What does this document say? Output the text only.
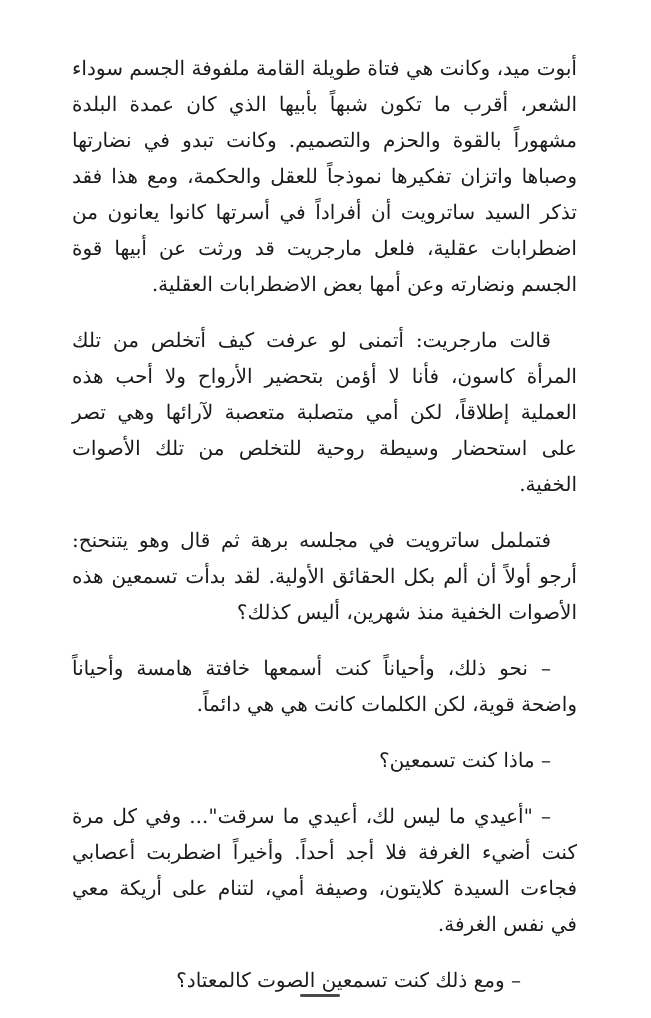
أبوت ميد، وكانت هي فتاة طويلة القامة ملفوفة الجسم سوداء الشعر، أقرب ما تكون شبهاً بأبيها الذي كان عمدة البلدة مشهوراً بالقوة والحزم والتصميم. وكانت تبدو في نضارتها وصباها واتزان تفكيرها نموذجاً للعقل والحكمة، ومع هذا فقد تذكر السيد ساترويت أن أفراداً في أسرتها كانوا يعانون من اضطرابات عقلية، فلعل مارجريت قد ورثت عن أبيها قوة الجسم ونضارته وعن أمها بعض الاضطرابات العقلية.

قالت مارجريت: أتمنى لو عرفت كيف أتخلص من تلك المرأة كاسون، فأنا لا أؤمن بتحضير الأرواح ولا أحب هذه العملية إطلاقاً، لكن أمي متصلبة متعصبة لآرائها وهي تصر على استحضار وسيطة روحية للتخلص من تلك الأصوات الخفية.

فتململ ساترويت في مجلسه برهة ثم قال وهو يتنحنح: أرجو أولاً أن ألم بكل الحقائق الأولية. لقد بدأت تسمعين هذه الأصوات الخفية منذ شهرين، أليس كذلك؟

– نحو ذلك، وأحياناً كنت أسمعها خافتة هامسة وأحياناً واضحة قوية، لكن الكلمات كانت هي هي دائماً.

– ماذا كنت تسمعين؟

– "أعيدي ما ليس لك، أعيدي ما سرقت"... وفي كل مرة كنت أضيء الغرفة فلا أجد أحداً. وأخيراً اضطربت أعصابي فجاءت السيدة كلايتون، وصيفة أمي، لتنام على أريكة معي في نفس الغرفة.

– ومع ذلك كنت تسمعين الصوت كالمعتاد؟
